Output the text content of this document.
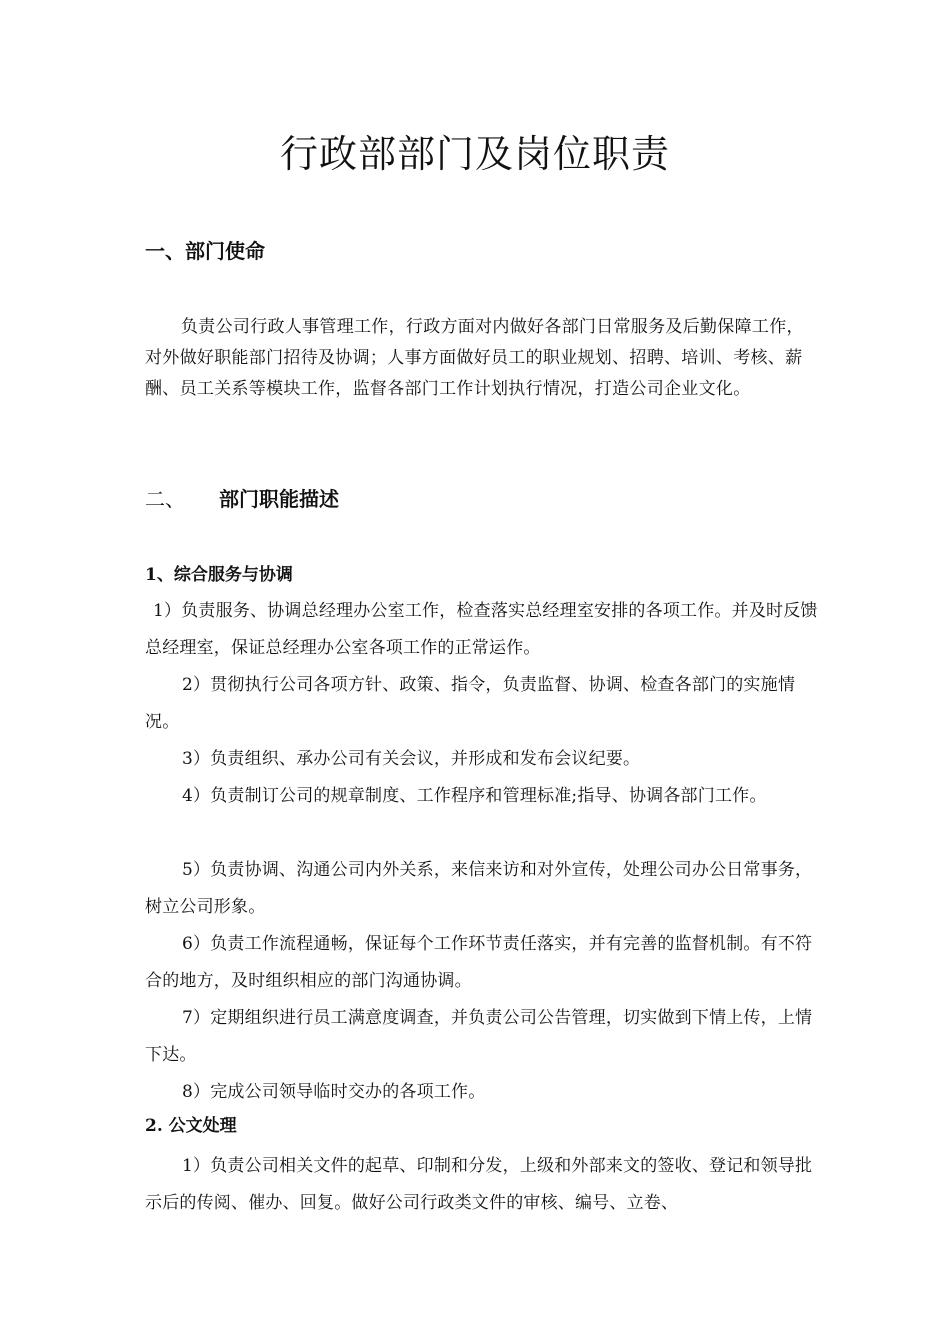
行政部部门及岗位职责
一、部门使命

负责公司行政人事管理工作，行政方面对内做好各部门日常服务及后勤保障工作，对外做好职能部门招待及协调；人事方面做好员工的职业规划、招聘、培训、考核、薪酬、员工关系等模块工作，监督各部门工作计划执行情况，打造公司企业文化。

二、 部门职能描述
1、综合服务与协调

1）负责服务、协调总经理办公室工作，检查落实总经理室安排的各项工作。并及时反馈总经理室，保证总经理办公室各项工作的正常运作。

2）贯彻执行公司各项方针、政策、指令，负责监督、协调、检查各部门的实施情况。

3）负责组织、承办公司有关会议，并形成和发布会议纪要。

4）负责制订公司的规章制度、工作程序和管理标准;指导、协调各部门工作。

5）负责协调、沟通公司内外关系，来信来访和对外宣传，处理公司办公日常事务，树立公司形象。

6）负责工作流程通畅，保证每个工作环节责任落实，并有完善的监督机制。有不符合的地方，及时组织相应的部门沟通协调。

7）定期组织进行员工满意度调查，并负责公司公告管理，切实做到下情上传，上情下达。

8）完成公司领导临时交办的各项工作。

2. 公文处理

1）负责公司相关文件的起草、印制和分发，上级和外部来文的签收、登记和领导批示后的传阅、催办、回复。做好公司行政类文件的审核、编号、立卷、
